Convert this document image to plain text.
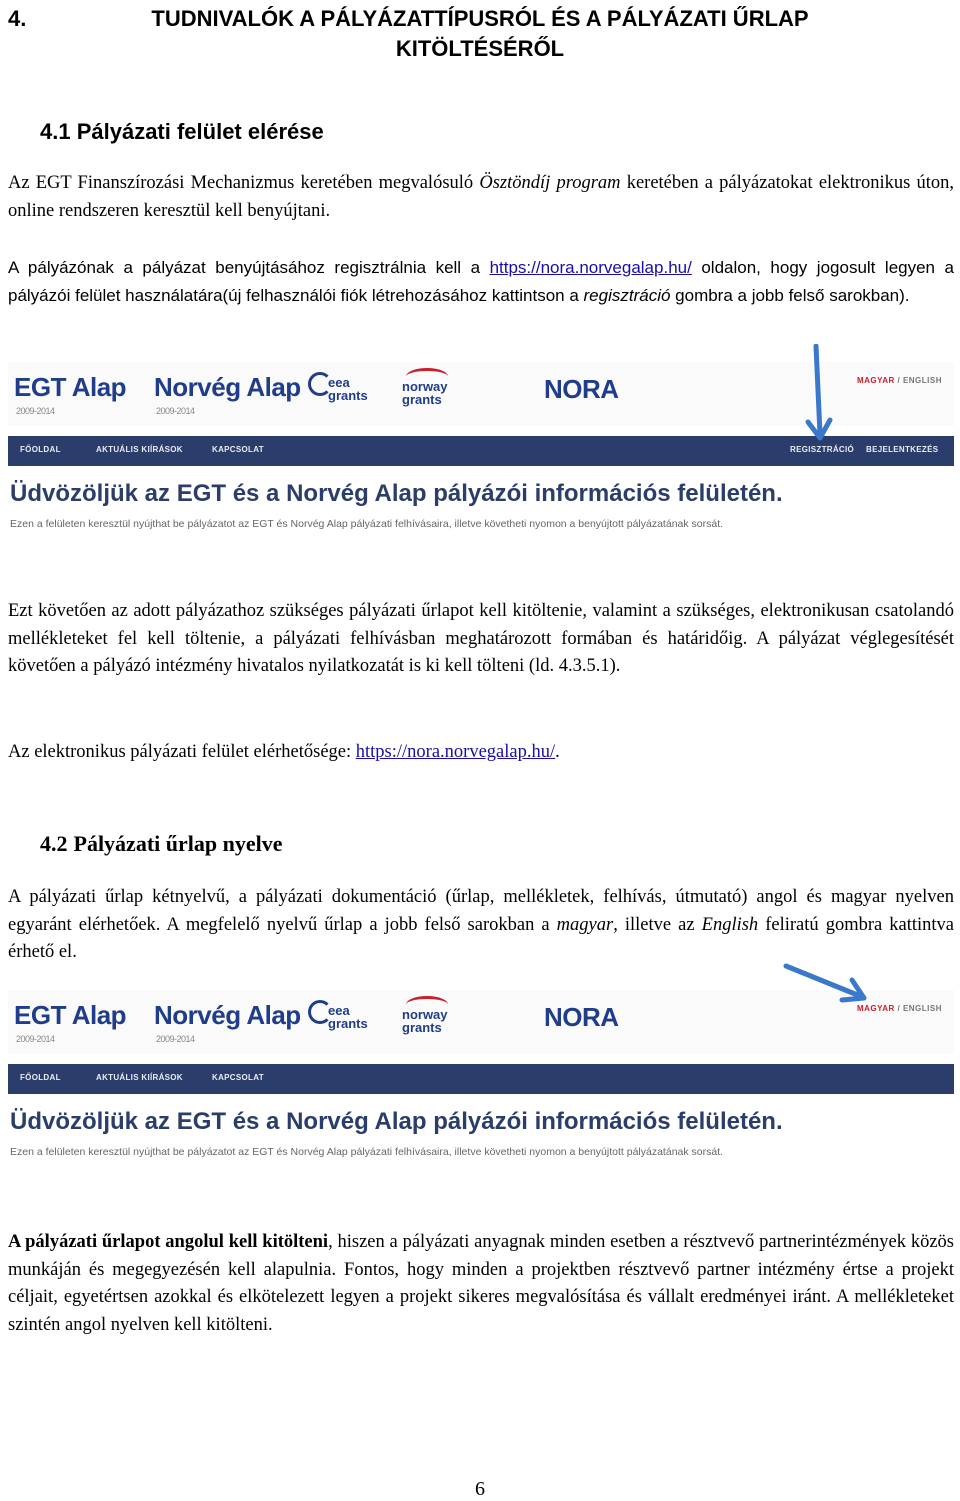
4.	TUDNIVALÓK A PÁLYÁZATTÍPUSRÓL ÉS A PÁLYÁZATI ŰRLAP
KITÖLTÉSÉRŐL
4.1 Pályázati felület elérése
Az EGT Finanszírozási Mechanizmus keretében megvalósuló Ösztöndíj program keretében a pályázatokat elektronikus úton, online rendszeren keresztül kell benyújtani.
A pályázónak a pályázat benyújtásához regisztrálnia kell a https://nora.norvegalap.hu/ oldalon, hogy jogosult legyen a pályázói felület használatára(új felhasználói fiók létrehozásához kattintson a regisztráció gombra a jobb felső sarokban).
EGT Alap
2009-2014
Norvég Alap
2009-2014
eea
grants
norway
grants	NORA	MAGYAR / ENGLISH
FŐOLDAL	AKTUÁLIS KIÍRÁSOK	KAPCSOLAT	REGISZTRÁCIÓ BEJELENTKEZÉS
Üdvözöljük az EGT és a Norvég Alap pályázói információs felületén.
Ezen a felületen keresztül nyújthat be pályázatot az EGT és Norvég Alap pályázati felhívásaira, illetve követheti nyomon a benyújtott pályázatának sorsát.
Ezt követően az adott pályázathoz szükséges pályázati űrlapot kell kitöltenie, valamint a szükséges, elektronikusan csatolandó mellékleteket fel kell töltenie, a pályázati felhívásban meghatározott formában és határidőig. A pályázat véglegesítését követően a pályázó intézmény hivatalos nyilatkozatát is ki kell tölteni (ld. 4.3.5.1).
Az elektronikus pályázati felület elérhetősége: https://nora.norvegalap.hu/.
4.2 Pályázati űrlap nyelve
A pályázati űrlap kétnyelvű, a pályázati dokumentáció (űrlap, mellékletek, felhívás, útmutató) angol és magyar nyelven egyaránt elérhetőek. A megfelelő nyelvű űrlap a jobb felső sarokban a magyar, illetve az English feliratú gombra kattintva érhető el.
EGT Alap
2009-2014
Norvég Alap
2009-2014
eea
grants
norway
grants	NORA	MAGYAR / ENGLISH
FŐOLDAL	AKTUÁLIS KIÍRÁSOK	KAPCSOLAT
Üdvözöljük az EGT és a Norvég Alap pályázói információs felületén.
Ezen a felületen keresztül nyújthat be pályázatot az EGT és Norvég Alap pályázati felhívásaira, illetve követheti nyomon a benyújtott pályázatának sorsát.
A pályázati űrlapot angolul kell kitölteni, hiszen a pályázati anyagnak minden esetben a résztvevő partnerintézmények közös munkáján és megegyezésén kell alapulnia. Fontos, hogy minden a projektben résztvevő partner intézmény értse a projekt céljait, egyetértsen azokkal és elkötelezett legyen a projekt sikeres megvalósítása és vállalt eredményei iránt. A mellékleteket szintén angol nyelven kell kitölteni.
6
